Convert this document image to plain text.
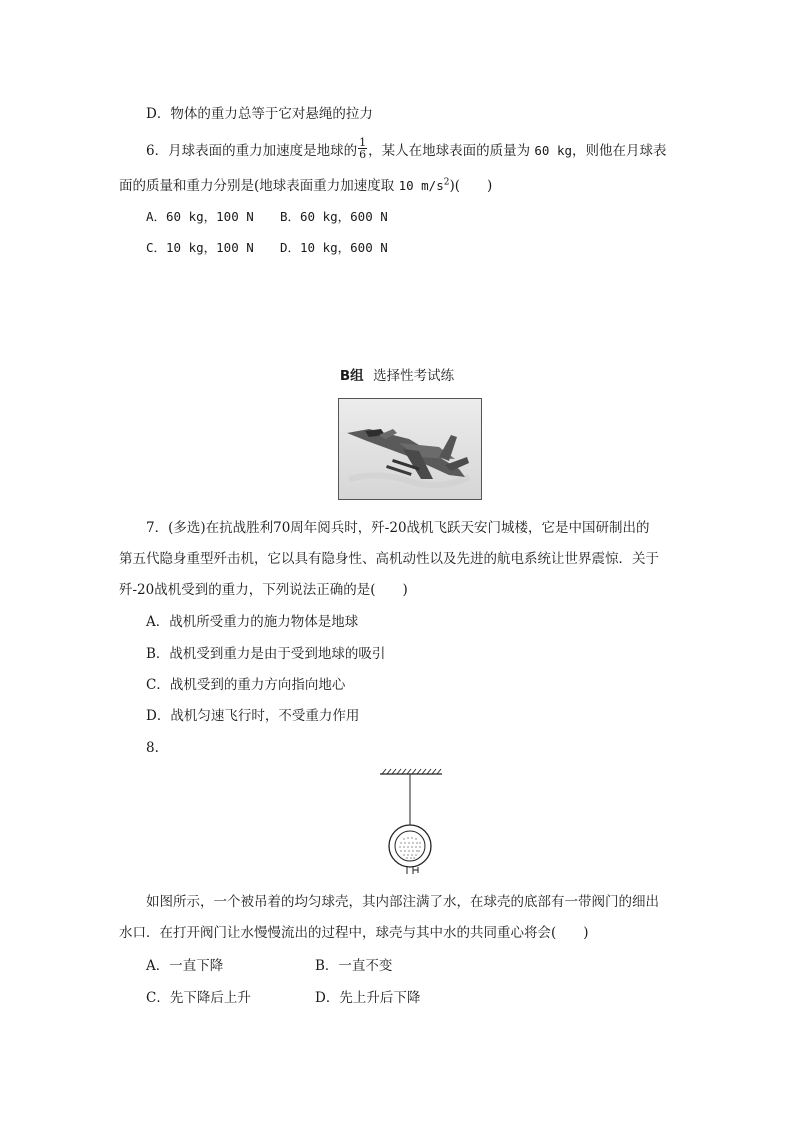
D．物体的重力总等于它对悬绳的拉力
6．月球表面的重力加速度是地球的 $\frac{1}{6}$ ，某人在地球表面的质量为 60 kg，则他在月球表
面的质量和重力分别是(地球表面重力加速度取 10 $m/s^2$)(　　)
A．60 kg，100 N B．60 kg，600 N
C．10 kg，100 N D．10 kg，600 N
B组 选择性考试练
7．(多选)在抗战胜利70周年阅兵时，歼-20战机飞跃天安门城楼，它是中国研制出的
第五代隐身重型歼击机，它以具有隐身性、高机动性以及先进的航电系统让世界震惊．关于
歼-20战机受到的重力，下列说法正确的是(　　)
A．战机所受重力的施力物体是地球
B．战机受到重力是由于受到地球的吸引
C．战机受到的重力方向指向地心
D．战机匀速飞行时，不受重力作用
8.
如图所示，一个被吊着的均匀球壳，其内部注满了水，在球壳的底部有一带阀门的细出
水口．在打开阀门让水慢慢流出的过程中，球壳与其中水的共同重心将会(　　)
A．一直下降	B．一直不变
C．先下降后上升	D．先上升后下降
